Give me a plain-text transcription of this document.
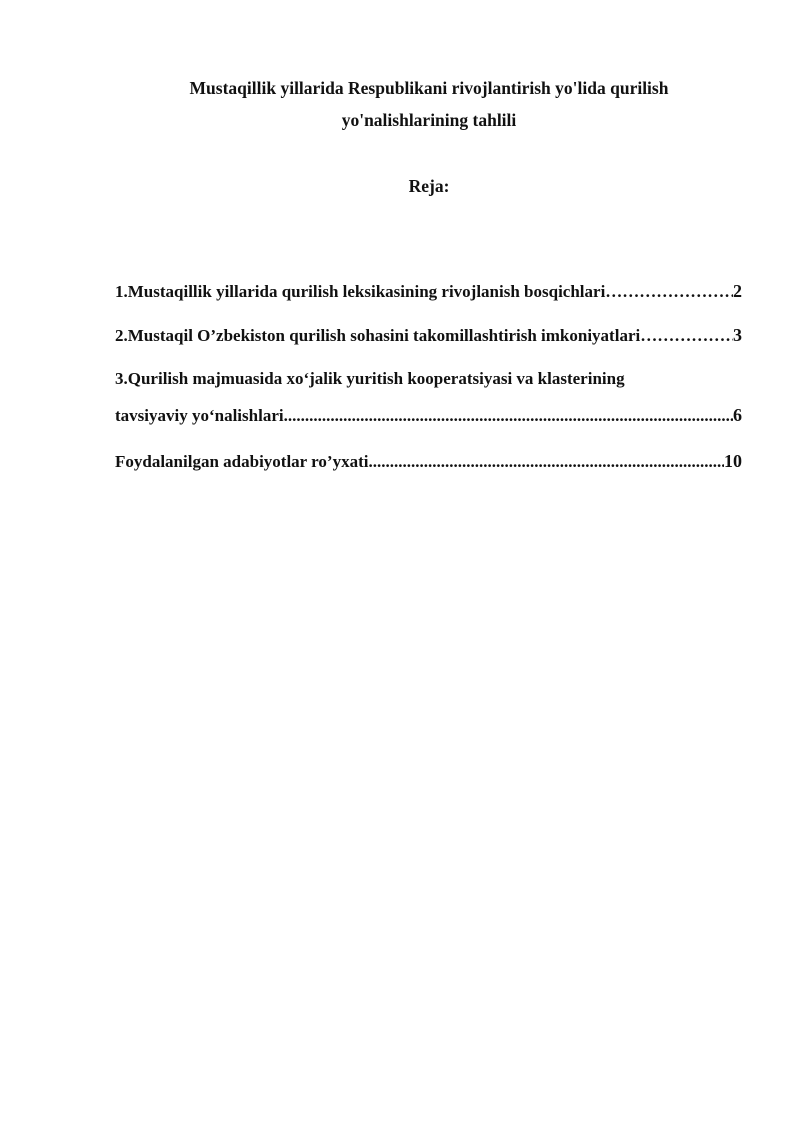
Mustaqillik yillarida Respublikani rivojlantirish yo'lida qurilish
yo'nalishlarining tahlili
Reja:
1.Mustaqillik yillarida qurilish leksikasining rivojlanish bosqichlari ……………………………………………………………………………………………………………………	2
2.Mustaqil O’zbekiston qurilish sohasini takomillashtirish imkoniyatlari ……………………………………………………………………………………………………………………	3
3.Qurilish majmuasida xo‘jalik yuritish kooperatsiyasi va klasterining
tavsiyaviy yo‘nalishlari .....	6
Foydalanilgan adabiyotlar ro’yxati .....	10
